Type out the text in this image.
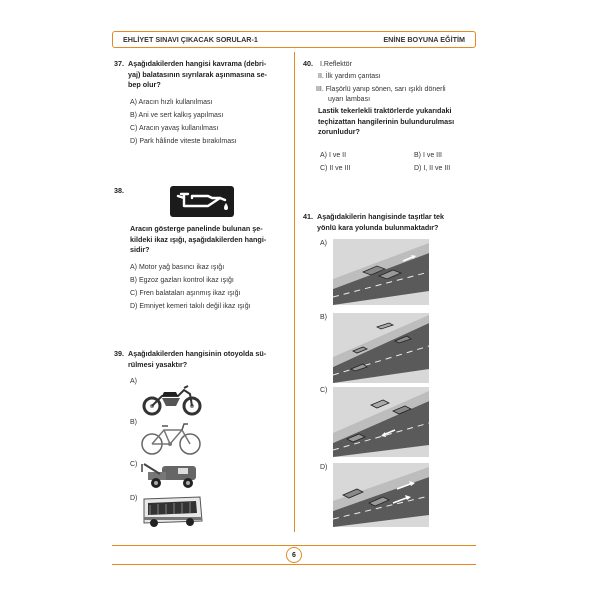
EHLİYET SINAVI ÇIKACAK SORULAR-1	ENİNE BOYUNA EĞİTİM
37. Aşağıdakilerden hangisi kavrama (debri-
yaj) balatasının sıyrılarak aşınmasına se-
bep olur?
A) Aracın hızlı kullanılması
B) Ani ve sert kalkış yapılması
C) Aracın yavaş kullanılması
D) Park hâlinde viteste bırakılması
38.
Aracın gösterge panelinde bulunan şe-
kildeki ikaz ışığı, aşağıdakilerden hangi-
sidir?
A) Motor yağ basıncı ikaz ışığı
B) Egzoz gazları kontrol ikaz ışığı
C) Fren balataları aşınmış ikaz ışığı
D) Emniyet kemeri takılı değil ikaz ışığı
39. Aşağıdakilerden hangisinin otoyolda sü-
rülmesi yasaktır?
A)
B)
C)
D)
40. I.Reflektör
II. İlk yardım çantası
III. Flaşörlü yanıp sönen, sarı ışıklı dönerli
uyarı lambası
Lastik tekerlekli traktörlerde yukarıdaki
teçhizattan hangilerinin bulundurulması
zorunludur?
A) I ve II	B) I ve III
C) II ve III	D) I, II ve III
41. Aşağıdakilerin hangisinde taşıtlar tek
yönlü kara yolunda bulunmaktadır?
A)
B)
C)
D)
6
